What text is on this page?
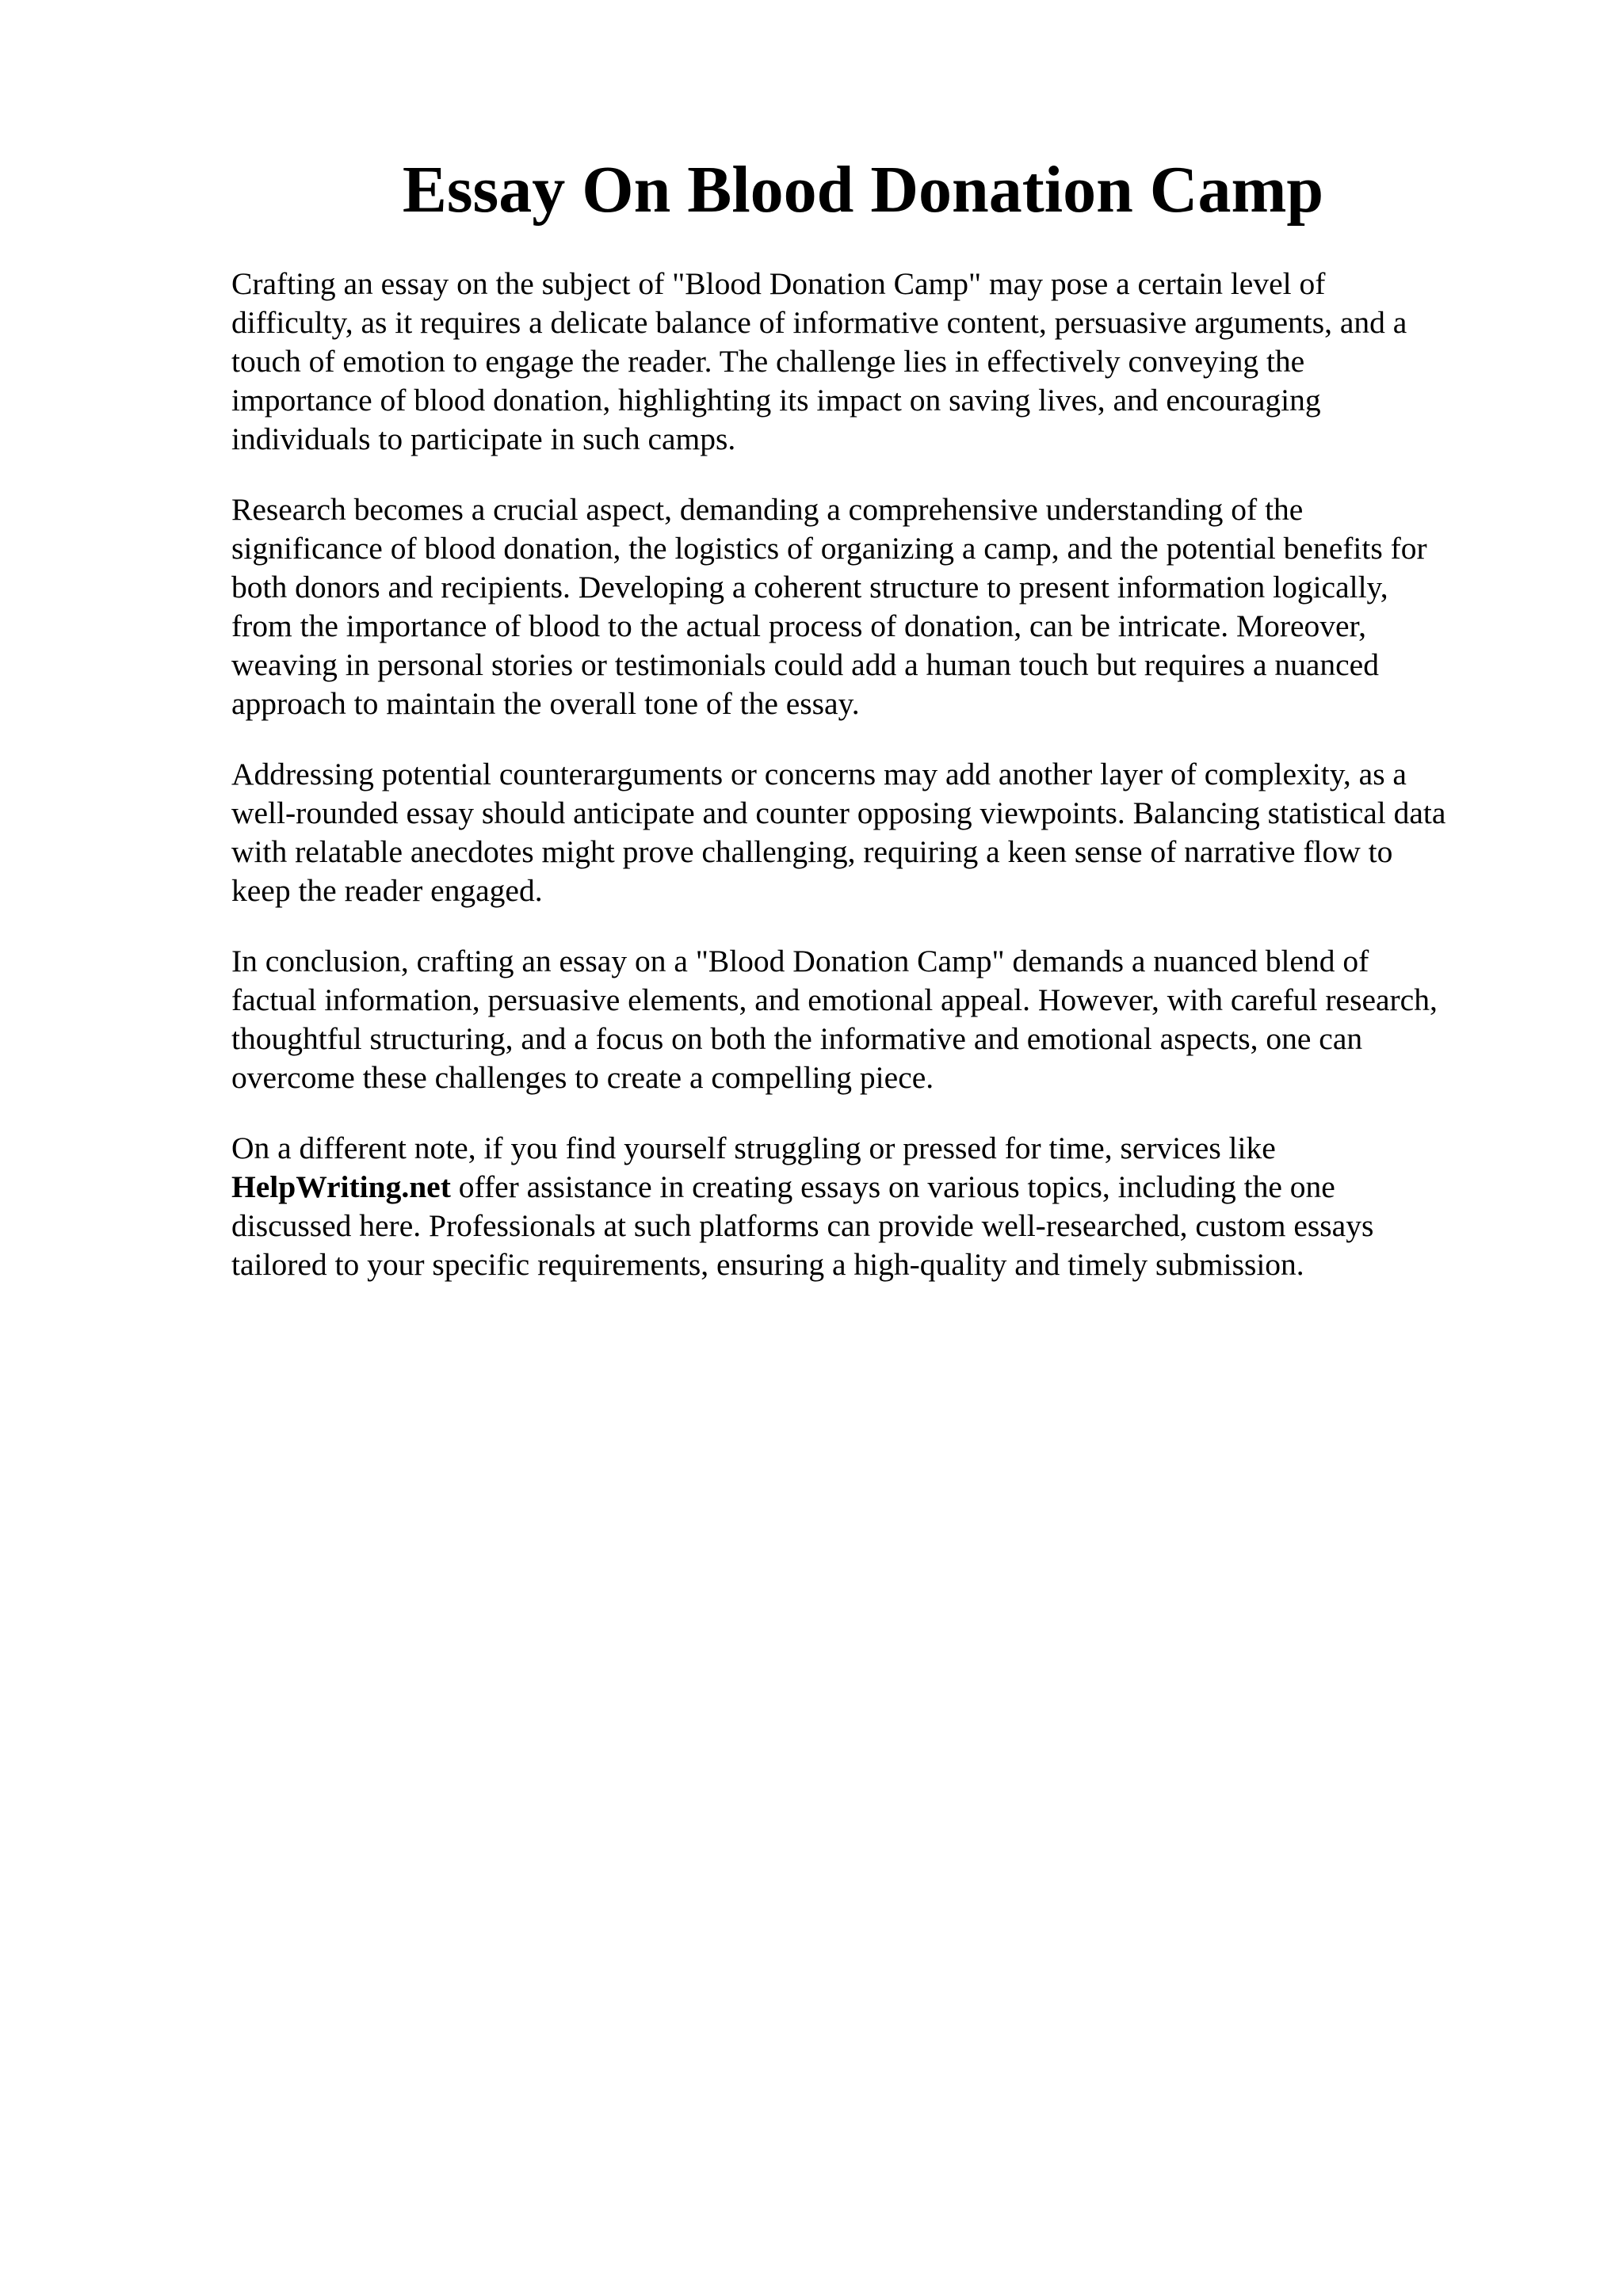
Essay On Blood Donation Camp

Crafting an essay on the subject of "Blood Donation Camp" may pose a certain level of
difficulty, as it requires a delicate balance of informative content, persuasive arguments, and a
touch of emotion to engage the reader. The challenge lies in effectively conveying the
importance of blood donation, highlighting its impact on saving lives, and encouraging
individuals to participate in such camps.

Research becomes a crucial aspect, demanding a comprehensive understanding of the
significance of blood donation, the logistics of organizing a camp, and the potential benefits for
both donors and recipients. Developing a coherent structure to present information logically,
from the importance of blood to the actual process of donation, can be intricate. Moreover,
weaving in personal stories or testimonials could add a human touch but requires a nuanced
approach to maintain the overall tone of the essay.

Addressing potential counterarguments or concerns may add another layer of complexity, as a
well-rounded essay should anticipate and counter opposing viewpoints. Balancing statistical data
with relatable anecdotes might prove challenging, requiring a keen sense of narrative flow to
keep the reader engaged.

In conclusion, crafting an essay on a "Blood Donation Camp" demands a nuanced blend of
factual information, persuasive elements, and emotional appeal. However, with careful research,
thoughtful structuring, and a focus on both the informative and emotional aspects, one can
overcome these challenges to create a compelling piece.

On a different note, if you find yourself struggling or pressed for time, services like
HelpWriting.net offer assistance in creating essays on various topics, including the one
discussed here. Professionals at such platforms can provide well-researched, custom essays
tailored to your specific requirements, ensuring a high-quality and timely submission.
